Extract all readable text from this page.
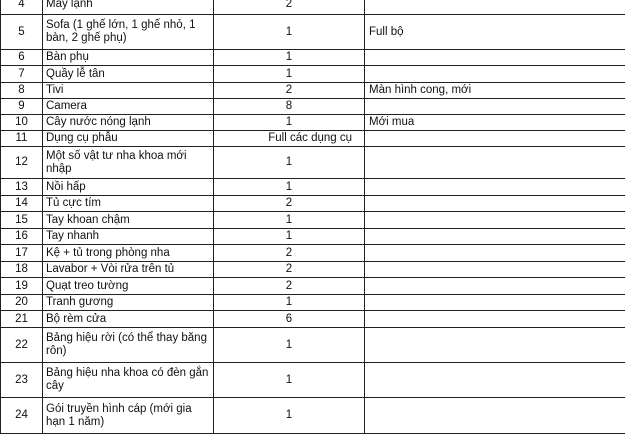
4	Máy lạnh	2	
5	Sofa (1 ghế lớn, 1 ghế nhỏ, 1 bàn, 2 ghế phụ)	1	Full bộ
6	Bàn phụ	1	
7	Quầy lễ tân	1	
8	Tivi	2	Màn hình cong, mới
9	Camera	8	
10	Cây nước nóng lạnh	1	Mới mua
11	Dụng cụ phẫu	Full các dụng cụ	
12	Một số vật tư nha khoa mới nhập	1	
13	Nồi hấp	1	
14	Tủ cực tím	2	
15	Tay khoan chậm	1	
16	Tay nhanh	1	
17	Kệ + tủ trong phòng nha	2	
18	Lavabor + Vòi rửa trên tủ	2	
19	Quạt treo tường	2	
20	Tranh gương	1	
21	Bộ rèm cửa	6	
22	Bảng hiệu rời (có thể thay băng rôn)	1	
23	Bảng hiệu nha khoa có đèn gắn cây	1	
24	Gói truyền hình cáp (mới gia hạn 1 năm)	1	
